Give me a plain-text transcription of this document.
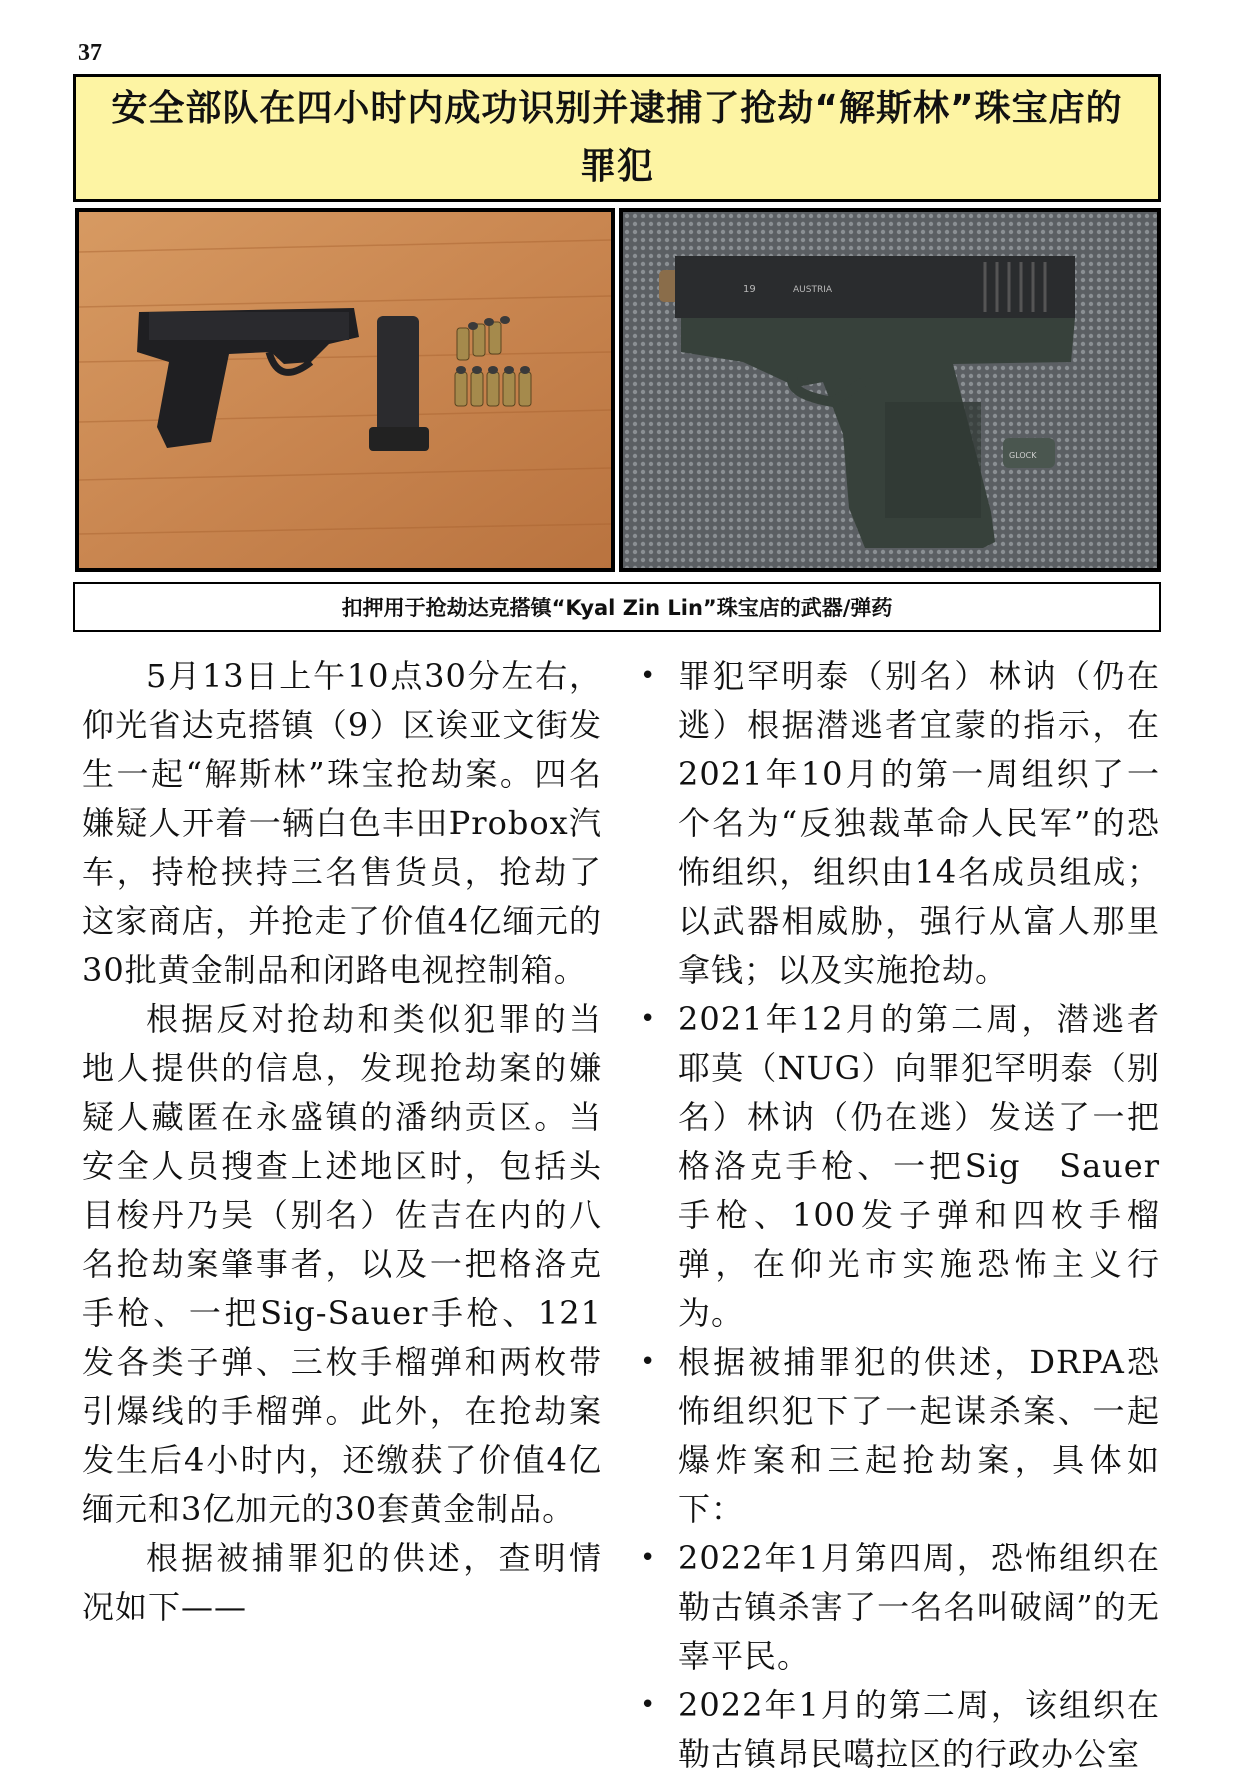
37
安全部队在四小时内成功识别并逮捕了抢劫“解斯林”珠宝店的罪犯
19	AUSTRIA
GLOCK
扣押用于抢劫达克搭镇“Kyal Zin Lin”珠宝店的武器/弹药

5月13日上午10点30分左右，仰光省达克搭镇（9）区诶亚文街发生一起“解斯林”珠宝抢劫案。四名嫌疑人开着一辆白色丰田Probox汽车，持枪挟持三名售货员，抢劫了这家商店，并抢走了价值4亿缅元的30批黄金制品和闭路电视控制箱。

根据反对抢劫和类似犯罪的当地人提供的信息，发现抢劫案的嫌疑人藏匿在永盛镇的潘纳贡区。当安全人员搜查上述地区时，包括头目梭丹乃吴（别名）佐吉在内的八名抢劫案肇事者，以及一把格洛克手枪、一把Sig-Sauer手枪、121发各类子弹、三枚手榴弹和两枚带引爆线的手榴弹。此外，在抢劫案发生后4小时内，还缴获了价值4亿缅元和3亿加元的30套黄金制品。

根据被捕罪犯的供述，查明情况如下——

• 罪犯罕明泰（别名）林讷（仍在逃）根据潜逃者宜蒙的指示，在2021年10月的第一周组织了一个名为“反独裁革命人民军”的恐怖组织，组织由14名成员组成；以武器相威胁，强行从富人那里拿钱；以及实施抢劫。
• 2021年12月的第二周，潜逃者耶莫（NUG）向罪犯罕明泰（别名）林讷（仍在逃）发送了一把格洛克手枪、一把Sig　Sauer手枪、100发子弹和四枚手榴弹，在仰光市实施恐怖主义行为。
• 根据被捕罪犯的供述，DRPA恐怖组织犯下了一起谋杀案、一起爆炸案和三起抢劫案，具体如下：
• 2022年1月第四周，恐怖组织在勒古镇杀害了一名名叫破阔”的无辜平民。
• 2022年1月的第二周，该组织在勒古镇昂民噶拉区的行政办公室
